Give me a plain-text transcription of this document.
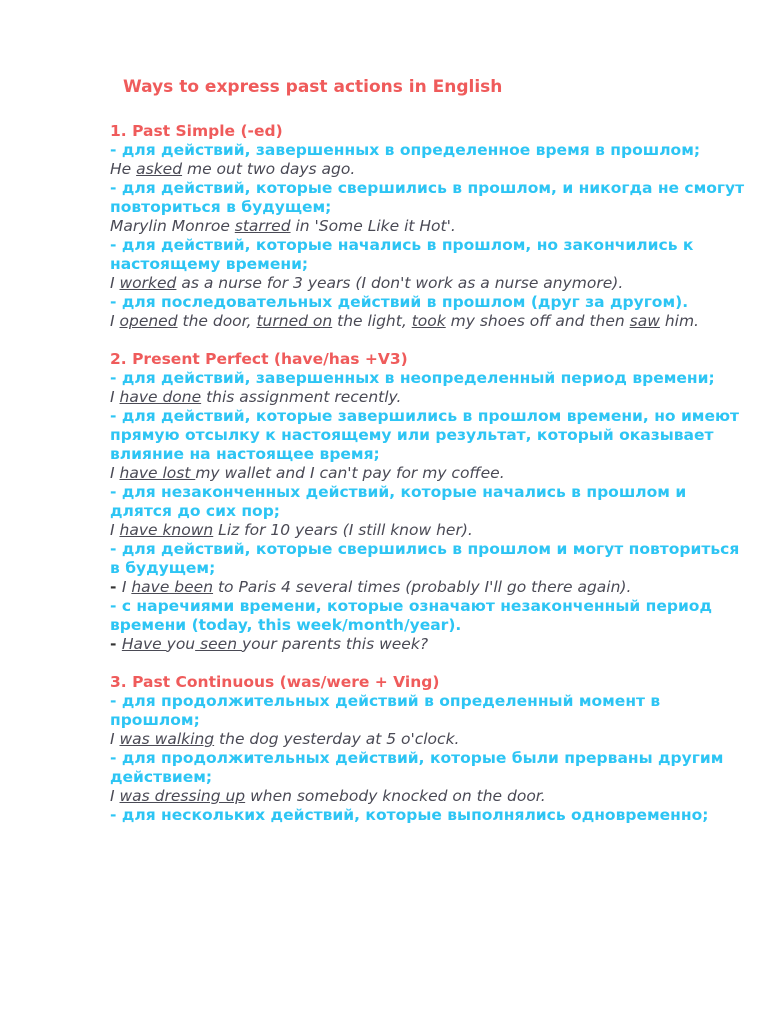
Ways to express past actions in English
1. Past Simple (-ed)
- для действий, завершенных в определенное время в прошлом;
He asked me out two days ago.
- для действий, которые свершились в прошлом, и никогда не смогут повториться в будущем;
Marylin Monroe starred in 'Some Like it Hot'.
- для действий, которые начались в прошлом, но закончились к настоящему времени;
I worked as a nurse for 3 years (I don't work as a nurse anymore).
- для последовательных действий в прошлом (друг за другом).
I opened the door, turned on the light, took my shoes off and then saw him.
2. Present Perfect (have/has +V3)
- для действий, завершенных в неопределенный период времени;
I have done this assignment recently.
- для действий, которые завершились в прошлом времени, но имеют прямую отсылку к настоящему или результат, который оказывает влияние на настоящее время;
I have lost my wallet and I can't pay for my coffee.
- для незаконченных действий, которые начались в прошлом и длятся до сих пор;
I have known Liz for 10 years (I still know her).
- для действий, которые свершились в прошлом и могут повториться в будущем;
- I have been to Paris 4 several times (probably I'll go there again).
- с наречиями времени, которые означают незаконченный период времени (today, this week/month/year).
- Have you seen your parents this week?
3. Past Continuous (was/were + Ving)
- для продолжительных действий в определенный момент в прошлом;
I was walking the dog yesterday at 5 o'clock.
- для продолжительных действий, которые были прерваны другим действием;
I was dressing up when somebody knocked on the door.
- для нескольких действий, которые выполнялись одновременно;
